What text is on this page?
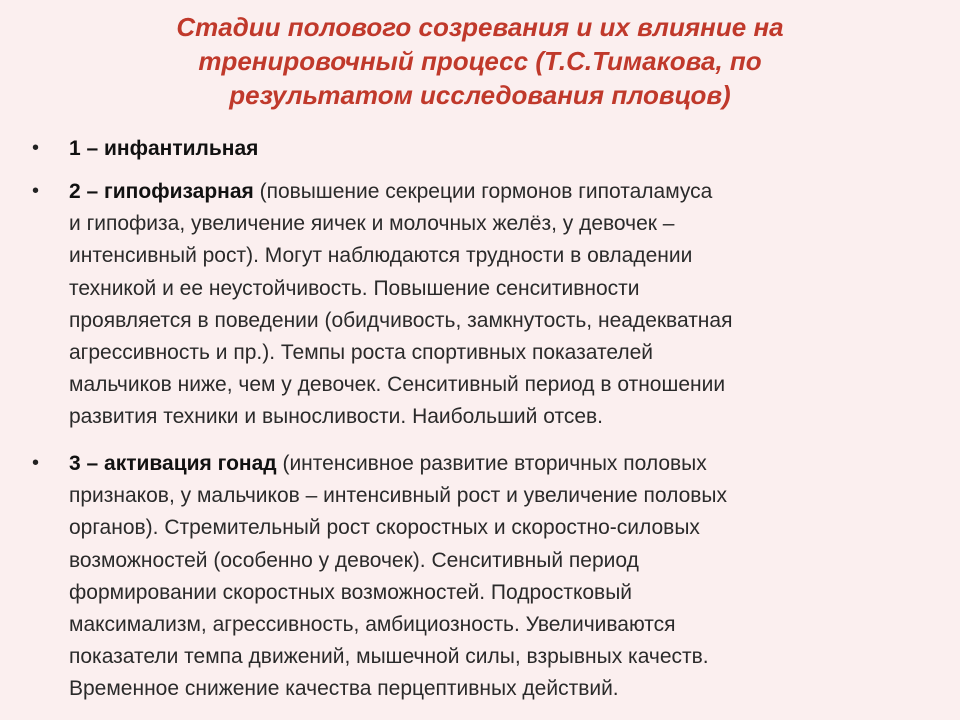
Стадии полового созревания и их влияние на
тренировочный процесс (Т.С.Тимакова, по
результатом исследования пловцов)
• 1 – инфантильная
• 2 – гипофизарная (повышение секреции гормонов гипоталамуса
и гипофиза, увеличение яичек и молочных желёз, у девочек –
интенсивный рост). Могут наблюдаются трудности в овладении
техникой и ее неустойчивость. Повышение сенситивности
проявляется в поведении (обидчивость, замкнутость, неадекватная
агрессивность и пр.). Темпы роста спортивных показателей
мальчиков ниже, чем у девочек. Сенситивный период в отношении
развития техники и выносливости. Наибольший отсев.
• 3 – активация гонад (интенсивное развитие вторичных половых
признаков, у мальчиков – интенсивный рост и увеличение половых
органов). Стремительный рост скоростных и скоростно-силовых
возможностей (особенно у девочек). Сенситивный период
формировании скоростных возможностей. Подростковый
максимализм, агрессивность, амбициозность. Увеличиваются
показатели темпа движений, мышечной силы, взрывных качеств.
Временное снижение качества перцептивных действий.
